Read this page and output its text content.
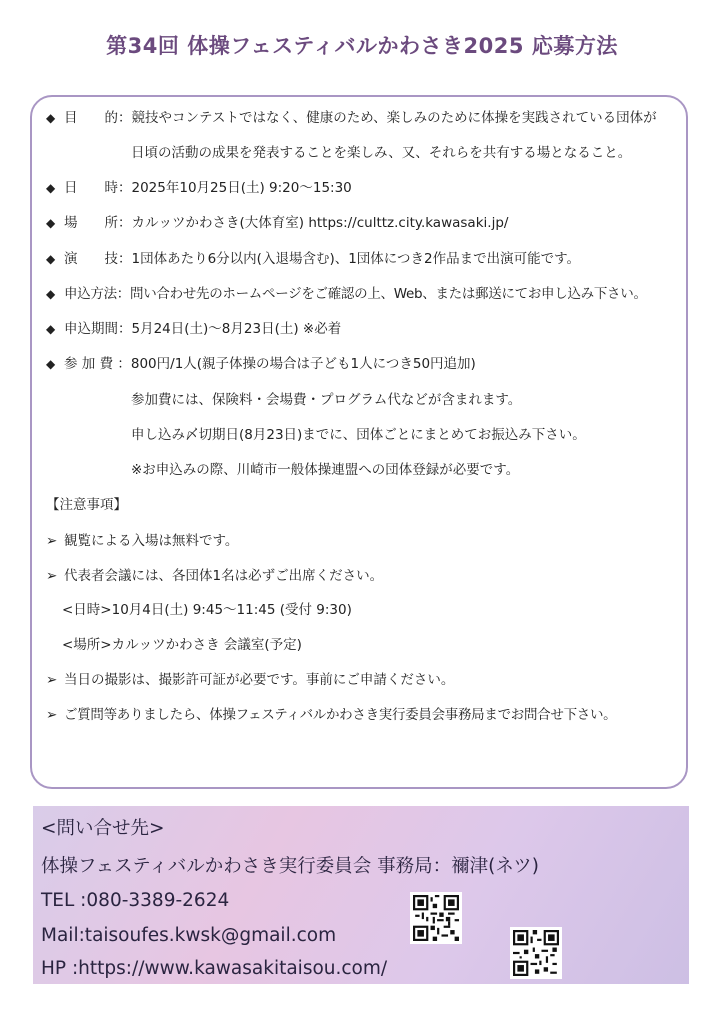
第34回 体操フェスティバルかわさき2025 応募方法
◆ 目　　的：競技やコンテストではなく、健康のため、楽しみのために体操を実践されている団体が
日頃の活動の成果を発表することを楽しみ、又、それらを共有する場となること。
◆ 日　　時：2025年10月25日(土) 9:20～15:30
◆ 場　　所：カルッツかわさき(大体育室) https://culttz.city.kawasaki.jp/
◆ 演　　技：1団体あたり6分以内(入退場含む)、1団体につき2作品まで出演可能です。
◆ 申込方法：問い合わせ先のホームページをご確認の上、Web、または郵送にてお申し込み下さい。
◆ 申込期間：5月24日(土)～8月23日(土) ※必着
◆ 参 加 費 ：800円/1人(親子体操の場合は子ども1人につき50円追加)
参加費には、保険料・会場費・プログラム代などが含まれます。
申し込み〆切期日(8月23日)までに、団体ごとにまとめてお振込み下さい。
※お申込みの際、川崎市一般体操連盟への団体登録が必要です。
【注意事項】
➢ 観覧による入場は無料です。
➢ 代表者会議には、各団体1名は必ずご出席ください。
<日時>10月4日(土) 9:45～11:45 (受付 9:30)
<場所>カルッツかわさき 会議室(予定)
➢ 当日の撮影は、撮影許可証が必要です。事前にご申請ください。
➢ ご質問等ありましたら、体操フェスティバルかわさき実行委員会事務局までお問合せ下さい。
<問い合せ先>
体操フェスティバルかわさき実行委員会 事務局：禰津(ネツ)
TEL :080-3389-2624
Mail:taisoufes.kwsk@gmail.com
HP :https://www.kawasakitaisou.com/
